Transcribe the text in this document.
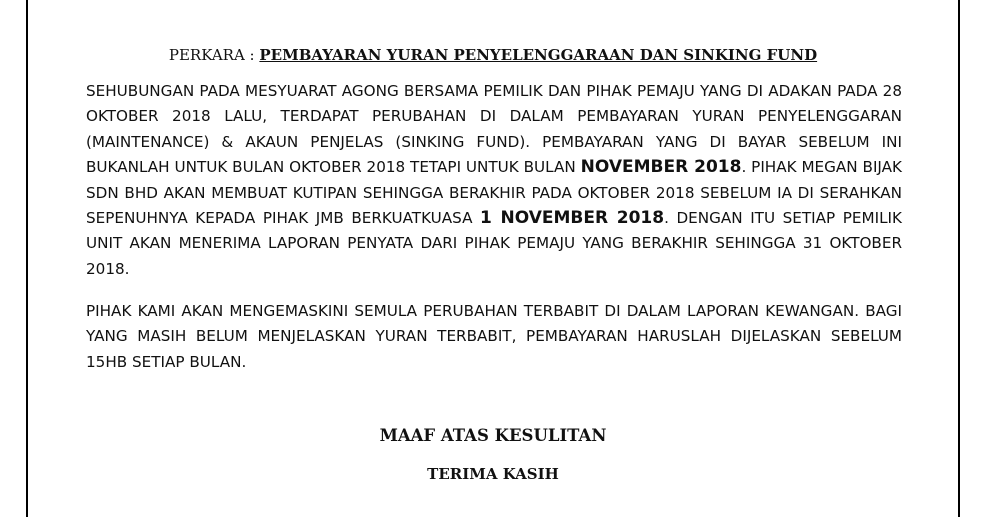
PERKARA : PEMBAYARAN YURAN PENYELENGGARAAN DAN SINKING FUND

SEHUBUNGAN PADA MESYUARAT AGONG BERSAMA PEMILIK DAN PIHAK PEMAJU YANG DI ADAKAN PADA 28 OKTOBER 2018 LALU, TERDAPAT PERUBAHAN DI DALAM PEMBAYARAN YURAN PENYELENGGARAN (MAINTENANCE) & AKAUN PENJELAS (SINKING FUND). PEMBAYARAN YANG DI BAYAR SEBELUM INI BUKANLAH UNTUK BULAN OKTOBER 2018 TETAPI UNTUK BULAN NOVEMBER 2018. PIHAK MEGAN BIJAK SDN BHD AKAN MEMBUAT KUTIPAN SEHINGGA BERAKHIR PADA OKTOBER 2018 SEBELUM IA DI SERAHKAN SEPENUHNYA KEPADA PIHAK JMB BERKUATKUASA 1 NOVEMBER 2018. DENGAN ITU SETIAP PEMILIK UNIT AKAN MENERIMA LAPORAN PENYATA DARI PIHAK PEMAJU YANG BERAKHIR SEHINGGA 31 OKTOBER 2018.

PIHAK KAMI AKAN MENGEMASKINI SEMULA PERUBAHAN TERBABIT DI DALAM LAPORAN KEWANGAN. BAGI YANG MASIH BELUM MENJELASKAN YURAN TERBABIT, PEMBAYARAN HARUSLAH DIJELASKAN SEBELUM 15HB SETIAP BULAN.

MAAF ATAS KESULITAN
TERIMA KASIH
